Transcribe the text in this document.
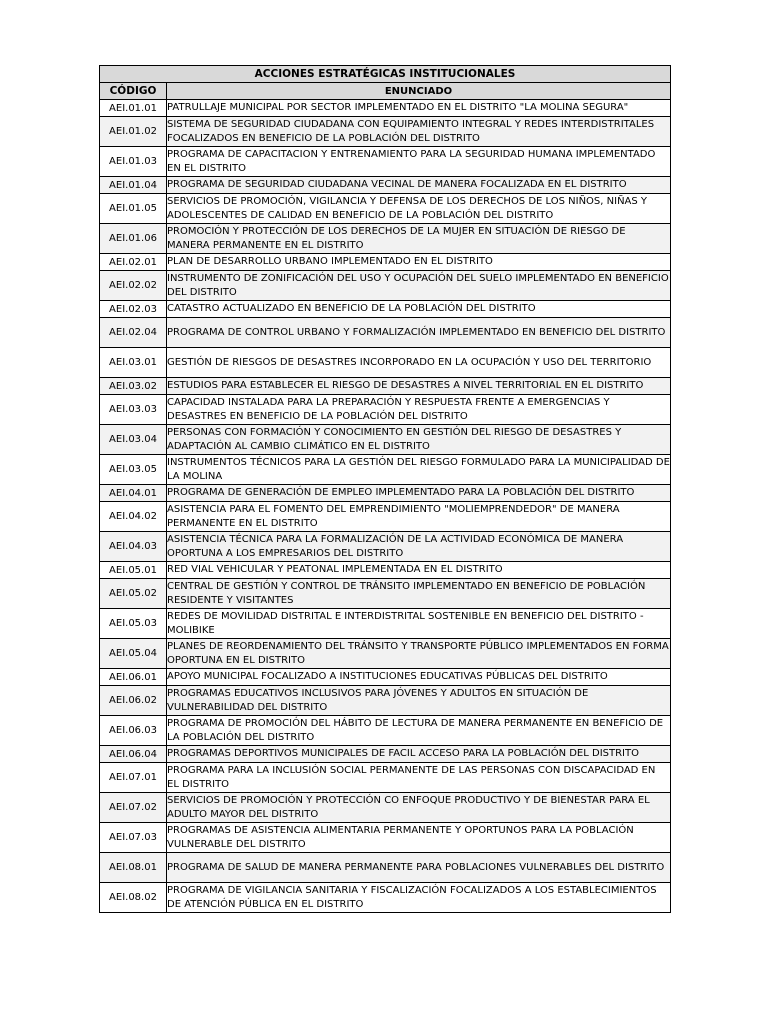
ACCIONES ESTRATÉGICAS INSTITUCIONALES	
CÓDIGO	ENUNCIADO
AEI.01.01	PATRULLAJE MUNICIPAL POR SECTOR IMPLEMENTADO EN EL DISTRITO "LA MOLINA SEGURA"
AEI.01.02	SISTEMA DE SEGURIDAD CIUDADANA CON EQUIPAMIENTO INTEGRAL Y REDES INTERDISTRITALES FOCALIZADOS EN BENEFICIO DE LA POBLACIÓN DEL DISTRITO
AEI.01.03	PROGRAMA DE CAPACITACION Y ENTRENAMIENTO PARA LA SEGURIDAD HUMANA IMPLEMENTADO EN EL DISTRITO
AEI.01.04	PROGRAMA DE SEGURIDAD CIUDADANA VECINAL DE MANERA FOCALIZADA EN EL DISTRITO
AEI.01.05	SERVICIOS DE PROMOCIÓN, VIGILANCIA Y DEFENSA DE LOS DERECHOS DE LOS NIÑOS, NIÑAS Y ADOLESCENTES DE CALIDAD EN BENEFICIO DE LA POBLACIÓN DEL DISTRITO
AEI.01.06	PROMOCIÓN Y PROTECCIÓN DE LOS DERECHOS DE LA MUJER EN SITUACIÓN DE RIESGO DE MANERA PERMANENTE EN EL DISTRITO
AEI.02.01	PLAN DE DESARROLLO URBANO IMPLEMENTADO EN EL DISTRITO
AEI.02.02	INSTRUMENTO DE ZONIFICACIÓN DEL USO Y OCUPACIÓN DEL SUELO IMPLEMENTADO EN BENEFICIO DEL DISTRITO
AEI.02.03	CATASTRO ACTUALIZADO EN BENEFICIO DE LA POBLACIÓN DEL DISTRITO
AEI.02.04	PROGRAMA DE CONTROL URBANO Y FORMALIZACIÓN IMPLEMENTADO EN BENEFICIO DEL DISTRITO
AEI.03.01	GESTIÓN DE RIESGOS DE DESASTRES INCORPORADO EN LA OCUPACIÓN Y USO DEL TERRITORIO
AEI.03.02	ESTUDIOS PARA ESTABLECER EL RIESGO DE DESASTRES A NIVEL TERRITORIAL EN EL DISTRITO
AEI.03.03	CAPACIDAD INSTALADA PARA LA PREPARACIÓN Y RESPUESTA FRENTE A EMERGENCIAS Y DESASTRES EN BENEFICIO DE LA POBLACIÓN DEL DISTRITO
AEI.03.04	PERSONAS CON FORMACIÓN Y CONOCIMIENTO EN GESTIÓN DEL RIESGO DE DESASTRES Y ADAPTACIÓN AL CAMBIO CLIMÁTICO EN EL DISTRITO
AEI.03.05	INSTRUMENTOS TÉCNICOS PARA LA GESTIÓN DEL RIESGO FORMULADO PARA LA MUNICIPALIDAD DE LA MOLINA
AEI.04.01	PROGRAMA DE GENERACIÓN DE EMPLEO IMPLEMENTADO PARA LA POBLACIÓN DEL DISTRITO
AEI.04.02	ASISTENCIA PARA EL FOMENTO DEL EMPRENDIMIENTO "MOLIEMPRENDEDOR" DE MANERA PERMANENTE EN EL DISTRITO
AEI.04.03	ASISTENCIA TÉCNICA PARA LA FORMALIZACIÓN DE LA ACTIVIDAD ECONÓMICA DE MANERA OPORTUNA A LOS EMPRESARIOS DEL DISTRITO
AEI.05.01	RED VIAL VEHICULAR Y PEATONAL IMPLEMENTADA EN EL DISTRITO
AEI.05.02	CENTRAL DE GESTIÓN Y CONTROL DE TRÁNSITO IMPLEMENTADO EN BENEFICIO DE POBLACIÓN RESIDENTE Y VISITANTES
AEI.05.03	REDES DE MOVILIDAD DISTRITAL E INTERDISTRITAL SOSTENIBLE EN BENEFICIO DEL DISTRITO - MOLIBIKE
AEI.05.04	PLANES DE REORDENAMIENTO DEL TRÁNSITO Y TRANSPORTE PÚBLICO IMPLEMENTADOS EN FORMA OPORTUNA EN EL DISTRITO
AEI.06.01	APOYO MUNICIPAL FOCALIZADO A INSTITUCIONES EDUCATIVAS PÚBLICAS DEL DISTRITO
AEI.06.02	PROGRAMAS EDUCATIVOS INCLUSIVOS PARA JÓVENES Y ADULTOS EN SITUACIÓN DE VULNERABILIDAD DEL DISTRITO
AEI.06.03	PROGRAMA DE PROMOCIÓN DEL HÁBITO DE LECTURA DE MANERA PERMANENTE EN BENEFICIO DE LA POBLACIÓN DEL DISTRITO
AEI.06.04	PROGRAMAS DEPORTIVOS MUNICIPALES DE FACIL ACCESO PARA LA POBLACIÓN DEL DISTRITO
AEI.07.01	PROGRAMA PARA LA INCLUSIÓN SOCIAL PERMANENTE DE LAS PERSONAS CON DISCAPACIDAD EN EL DISTRITO
AEI.07.02	SERVICIOS DE PROMOCIÓN Y PROTECCIÓN CO ENFOQUE PRODUCTIVO Y DE BIENESTAR PARA EL ADULTO MAYOR DEL DISTRITO
AEI.07.03	PROGRAMAS DE ASISTENCIA ALIMENTARIA PERMANENTE Y OPORTUNOS PARA LA POBLACIÓN VULNERABLE DEL DISTRITO
AEI.08.01	PROGRAMA DE SALUD DE MANERA PERMANENTE PARA POBLACIONES VULNERABLES DEL DISTRITO
AEI.08.02	PROGRAMA DE VIGILANCIA SANITARIA Y FISCALIZACIÓN FOCALIZADOS A LOS ESTABLECIMIENTOS DE ATENCIÓN PÚBLICA EN EL DISTRITO
